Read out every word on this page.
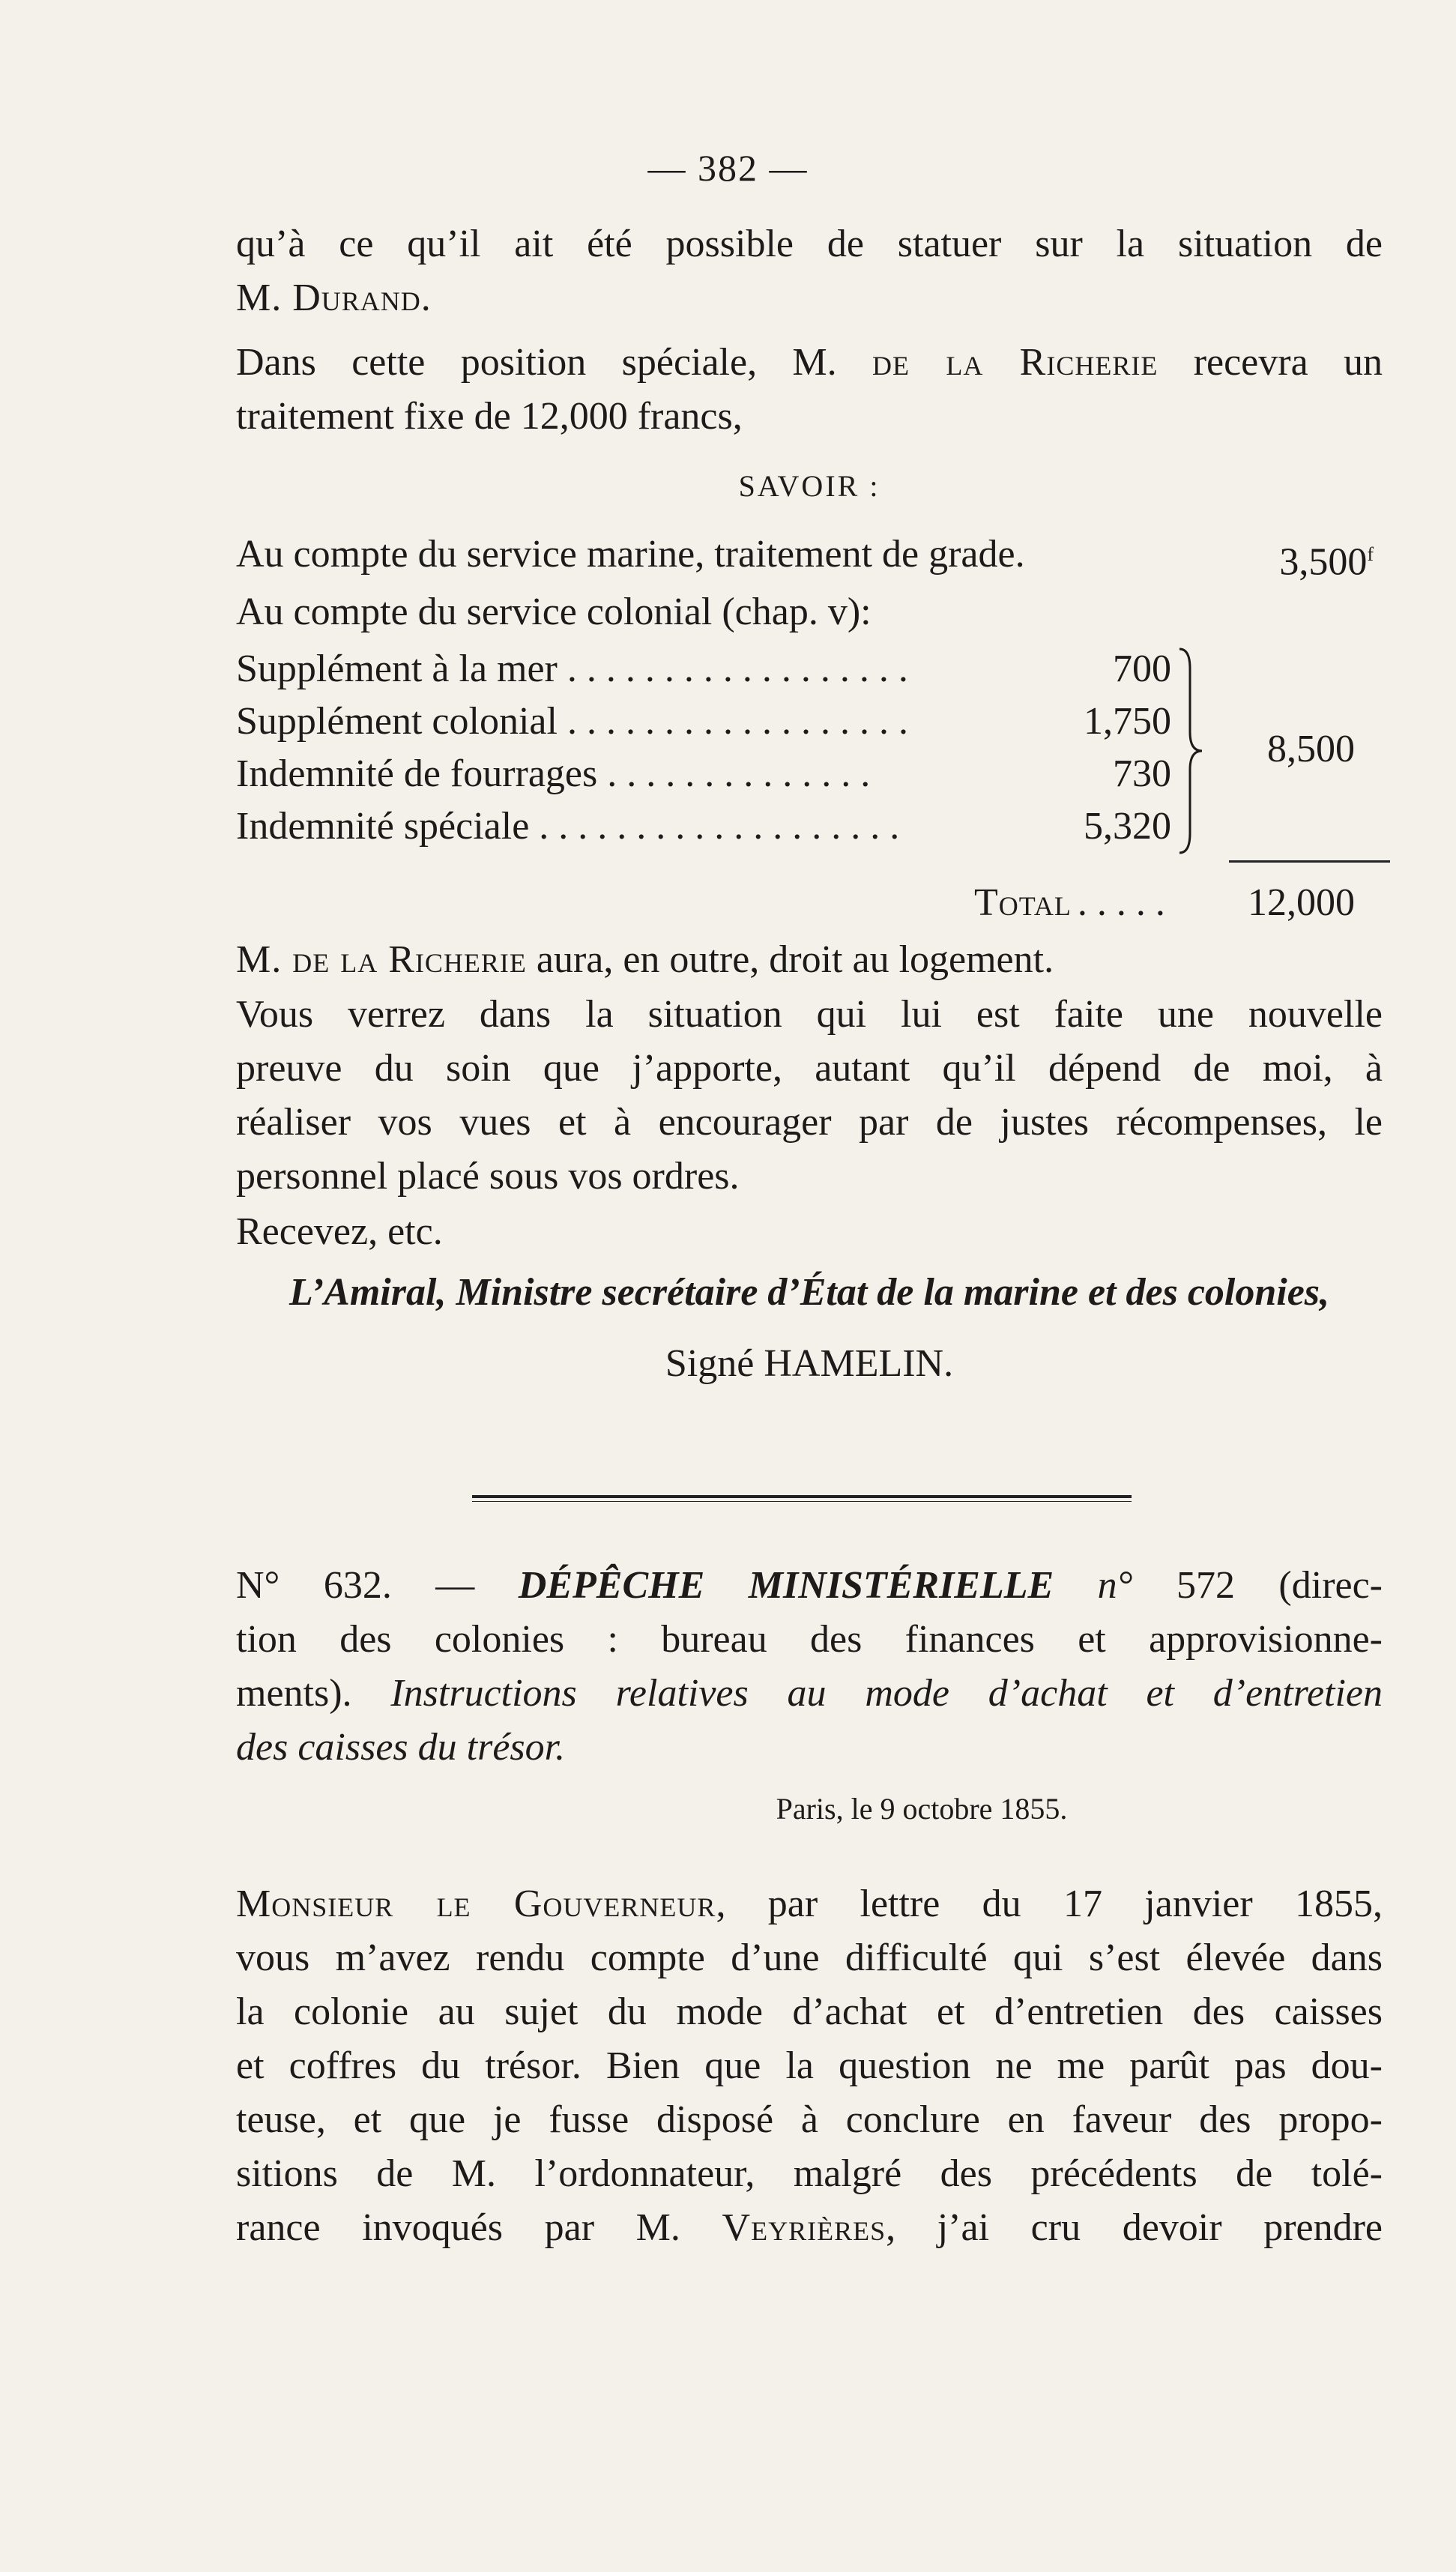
— 382 —
qu’à ce qu’il ait été possible de statuer sur la situation de
M. Durand.
Dans cette position spéciale, M. de la Richerie recevra un
traitement fixe de 12,000 francs,
SAVOIR :
Au compte du service marine, traitement de grade.	3,500$^f$
Au compte du service colonial (chap. v):
Supplément à la mer . . . . . . . . . . . . . . . . . .	700
Supplément colonial . . . . . . . . . . . . . . . . . .	1,750
Indemnité de fourrages . . . . . . . . . . . . . .	730
Indemnité spéciale . . . . . . . . . . . . . . . . . . .	5,320
8,500
Total . . . . . 12,000
M. de la Richerie aura, en outre, droit au logement.
Vous verrez dans la situation qui lui est faite une nouvelle
preuve du soin que j’apporte, autant qu’il dépend de moi, à
réaliser vos vues et à encourager par de justes récompenses, le
personnel placé sous vos ordres.
Recevez, etc.
L’Amiral, Ministre secrétaire d’État de la marine et des colonies,
Signé HAMELIN.
N° 632. — DÉPÊCHE MINISTÉRIELLE n° 572 (direc-
tion des colonies : bureau des finances et approvisionne-
ments). Instructions relatives au mode d’achat et d’entretien
des caisses du trésor.
Paris, le 9 octobre 1855.
Monsieur le Gouverneur, par lettre du 17 janvier 1855,
vous m’avez rendu compte d’une difficulté qui s’est élevée dans
la colonie au sujet du mode d’achat et d’entretien des caisses
et coffres du trésor. Bien que la question ne me parût pas dou-
teuse, et que je fusse disposé à conclure en faveur des propo-
sitions de M. l’ordonnateur, malgré des précédents de tolé-
rance invoqués par M. Veyrières, j’ai cru devoir prendre
